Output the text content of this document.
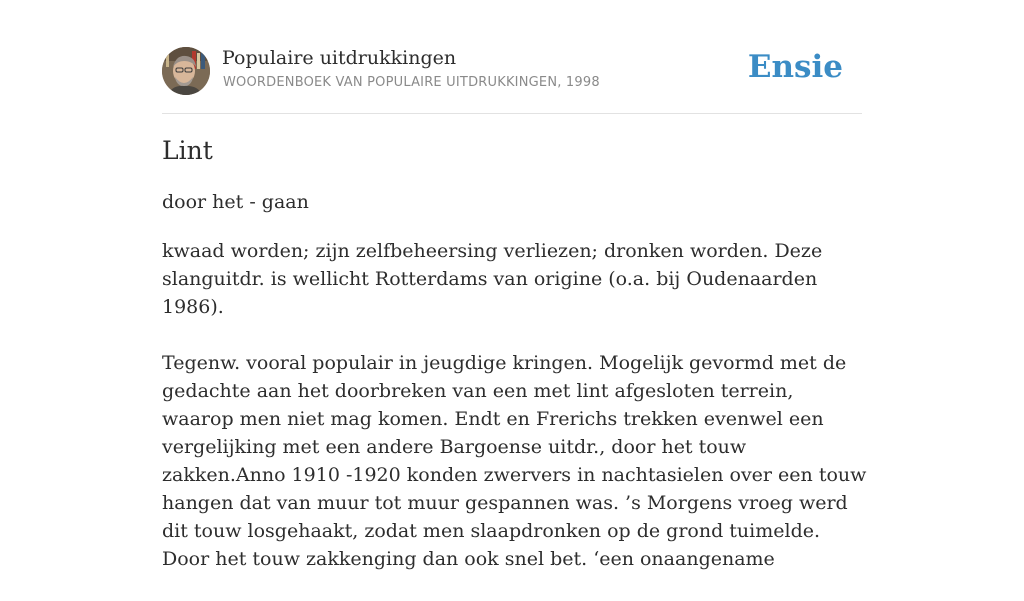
Populaire uitdrukkingen
WOORDENBOEK VAN POPULAIRE UITDRUKKINGEN, 1998	Ensie
Lint
door het - gaan

kwaad worden; zijn zelfbeheersing verliezen; dronken worden. Deze slanguitdr. is wellicht Rotterdams van origine (o.a. bij Oudenaarden 1986).

Tegenw. vooral populair in jeugdige kringen. Mogelijk gevormd met de gedachte aan het doorbreken van een met lint afgesloten terrein, waarop men niet mag komen. Endt en Frerichs trekken evenwel een vergelijking met een andere Bargoense uitdr., door het touw zakken.Anno 1910 -1920 konden zwervers in nachtasielen over een touw hangen dat van muur tot muur gespannen was. ’s Morgens vroeg werd dit touw losgehaakt, zodat men slaapdronken op de grond tuimelde. Door het touw zakkenging dan ook snel bet. ‘een onaangename
